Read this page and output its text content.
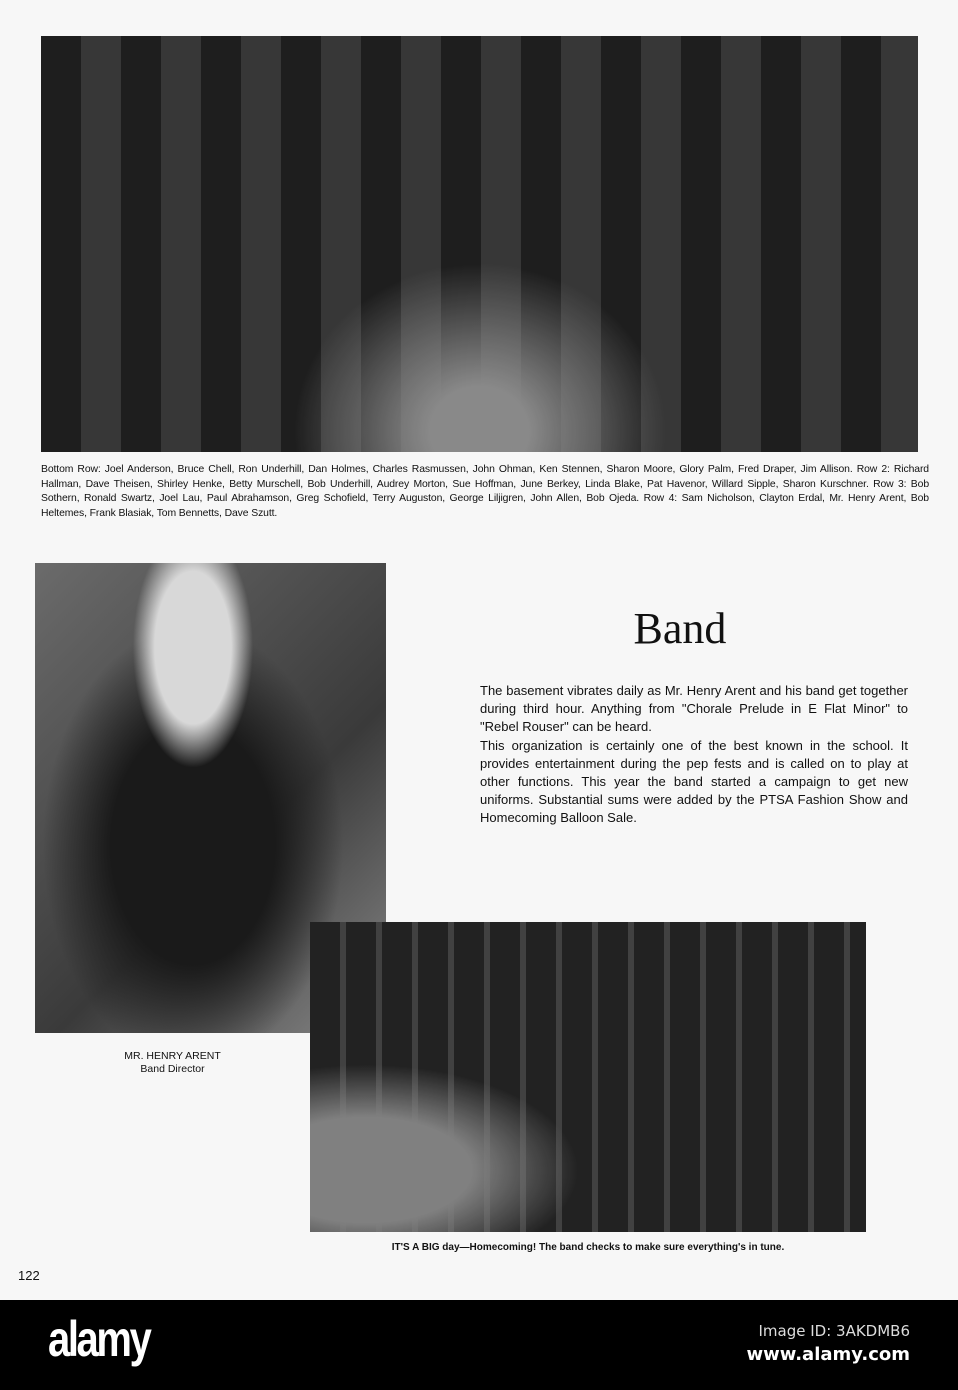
Bottom Row: Joel Anderson, Bruce Chell, Ron Underhill, Dan Holmes, Charles Rasmussen, John Ohman, Ken Stennen, Sharon Moore, Glory Palm, Fred Draper, Jim Allison. Row 2: Richard Hallman, Dave Theisen, Shirley Henke, Betty Murschell, Bob Underhill, Audrey Morton, Sue Hoffman, June Berkey, Linda Blake, Pat Havenor, Willard Sipple, Sharon Kurschner. Row 3: Bob Sothern, Ronald Swartz, Joel Lau, Paul Abrahamson, Greg Schofield, Terry Auguston, George Liljigren, John Allen, Bob Ojeda. Row 4: Sam Nicholson, Clayton Erdal, Mr. Henry Arent, Bob Heltemes, Frank Blasiak, Tom Bennetts, Dave Szutt.
MR. HENRY ARENT
Band Director
Band

The basement vibrates daily as Mr. Henry Arent and his band get together during third hour. Anything from "Chorale Prelude in E Flat Minor" to "Rebel Rouser" can be heard.

This organization is certainly one of the best known in the school. It provides entertainment during the pep fests and is called on to play at other functions. This year the band started a campaign to get new uniforms. Substantial sums were added by the PTSA Fashion Show and Homecoming Balloon Sale.

IT'S A BIG day—Homecoming! The band checks to make sure everything's in tune.
122
alamy	Image ID: 3AKDMB6
www.alamy.com
